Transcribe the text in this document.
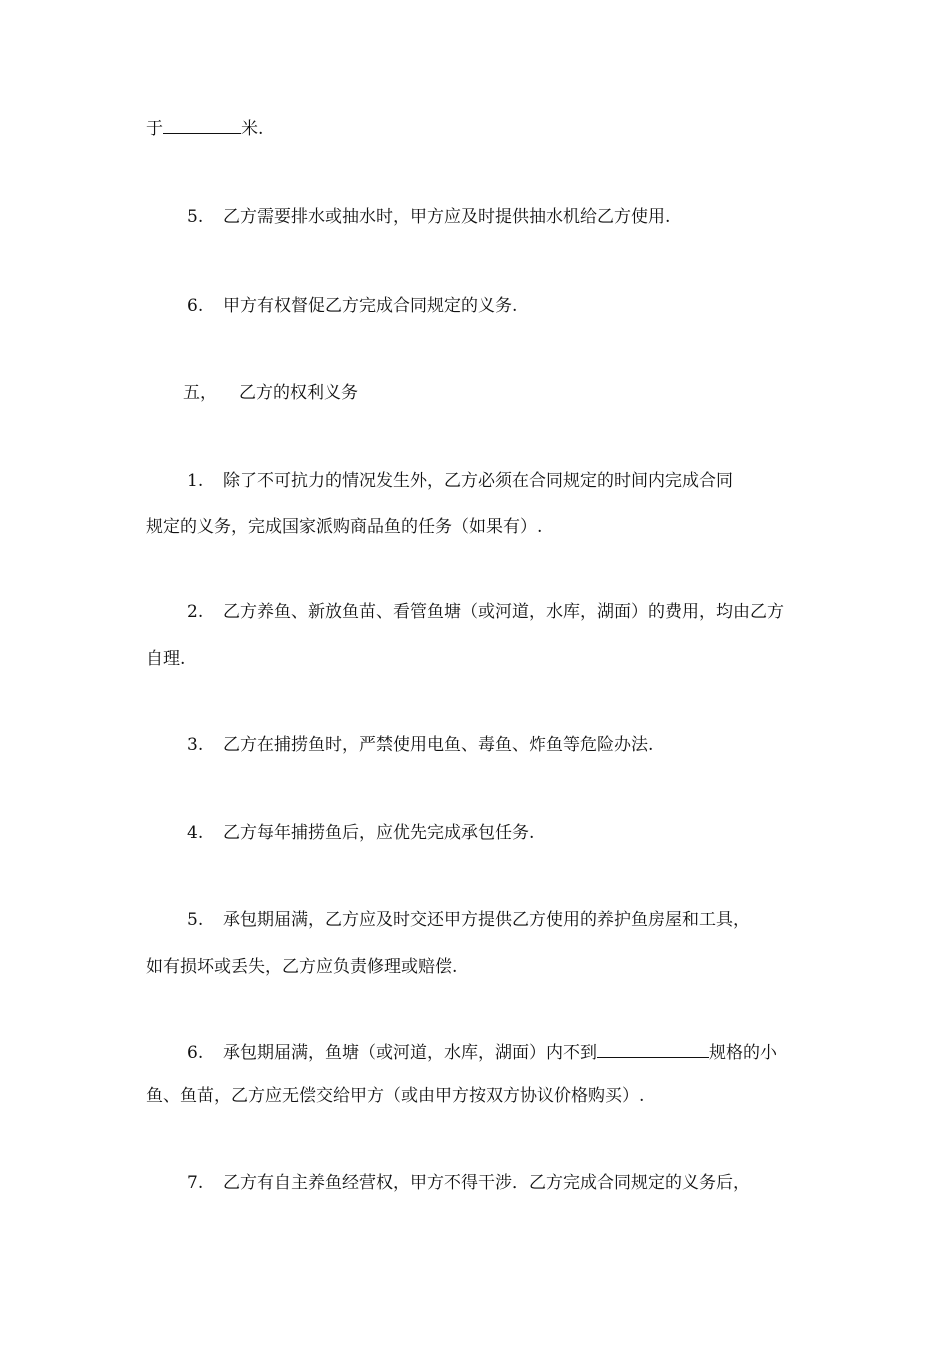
于	米.
5. 乙方需要排水或抽水时，甲方应及时提供抽水机给乙方使用.
6. 甲方有权督促乙方完成合同规定的义务.
五， 乙方的权利义务
1. 除了不可抗力的情况发生外，乙方必须在合同规定的时间内完成合同
规定的义务，完成国家派购商品鱼的任务（如果有）.
2. 乙方养鱼、新放鱼苗、看管鱼塘（或河道，水库，湖面）的费用，均由乙方
自理.
3. 乙方在捕捞鱼时，严禁使用电鱼、毒鱼、炸鱼等危险办法.
4. 乙方每年捕捞鱼后，应优先完成承包任务.
5. 承包期届满，乙方应及时交还甲方提供乙方使用的养护鱼房屋和工具，
如有损坏或丢失，乙方应负责修理或赔偿.
6. 承包期届满，鱼塘（或河道，水库，湖面）内不到	规格的小
鱼、鱼苗，乙方应无偿交给甲方（或由甲方按双方协议价格购买）.
7. 乙方有自主养鱼经营权，甲方不得干涉．乙方完成合同规定的义务后，
